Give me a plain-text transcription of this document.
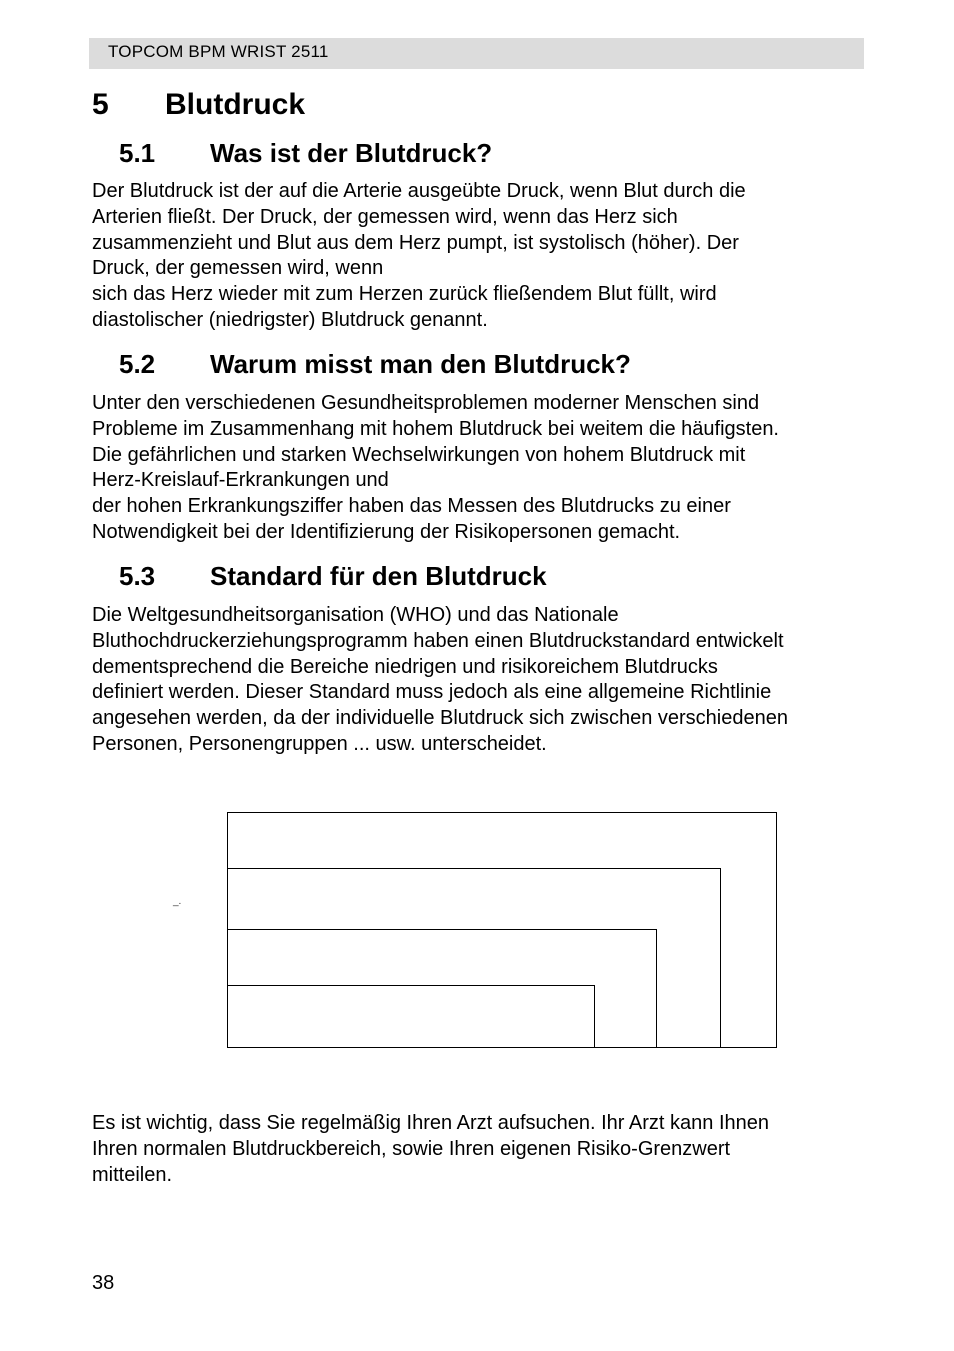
TOPCOM BPM WRIST 2511
5 Blutdruck
5.1 Was ist der Blutdruck?
Der Blutdruck ist der auf die Arterie ausgeübte Druck, wenn Blut durch die
Arterien fließt. Der Druck, der gemessen wird, wenn das Herz sich
zusammenzieht und Blut aus dem Herz pumpt, ist systolisch (höher). Der
Druck, der gemessen wird, wenn
sich das Herz wieder mit zum Herzen zurück fließendem Blut füllt, wird
diastolischer (niedrigster) Blutdruck genannt.
5.2 Warum misst man den Blutdruck?
Unter den verschiedenen Gesundheitsproblemen moderner Menschen sind
Probleme im Zusammenhang mit hohem Blutdruck bei weitem die häufigsten.
Die gefährlichen und starken Wechselwirkungen von hohem Blutdruck mit
Herz-Kreislauf-Erkrankungen und
der hohen Erkrankungsziffer haben das Messen des Blutdrucks zu einer
Notwendigkeit bei der Identifizierung der Risikopersonen gemacht.
5.3 Standard für den Blutdruck
Die Weltgesundheitsorganisation (WHO) und das Nationale
Bluthochdruckerziehungsprogramm haben einen Blutdruckstandard entwickelt
dementsprechend die Bereiche niedrigen und risikoreichem Blutdrucks
definiert werden. Dieser Standard muss jedoch als eine allgemeine Richtlinie
angesehen werden, da der individuelle Blutdruck sich zwischen verschiedenen
Personen, Personengruppen ... usw. unterscheidet.
_.
Es ist wichtig, dass Sie regelmäßig Ihren Arzt aufsuchen. Ihr Arzt kann Ihnen
Ihren normalen Blutdruckbereich, sowie Ihren eigenen Risiko-Grenzwert
mitteilen.
38
